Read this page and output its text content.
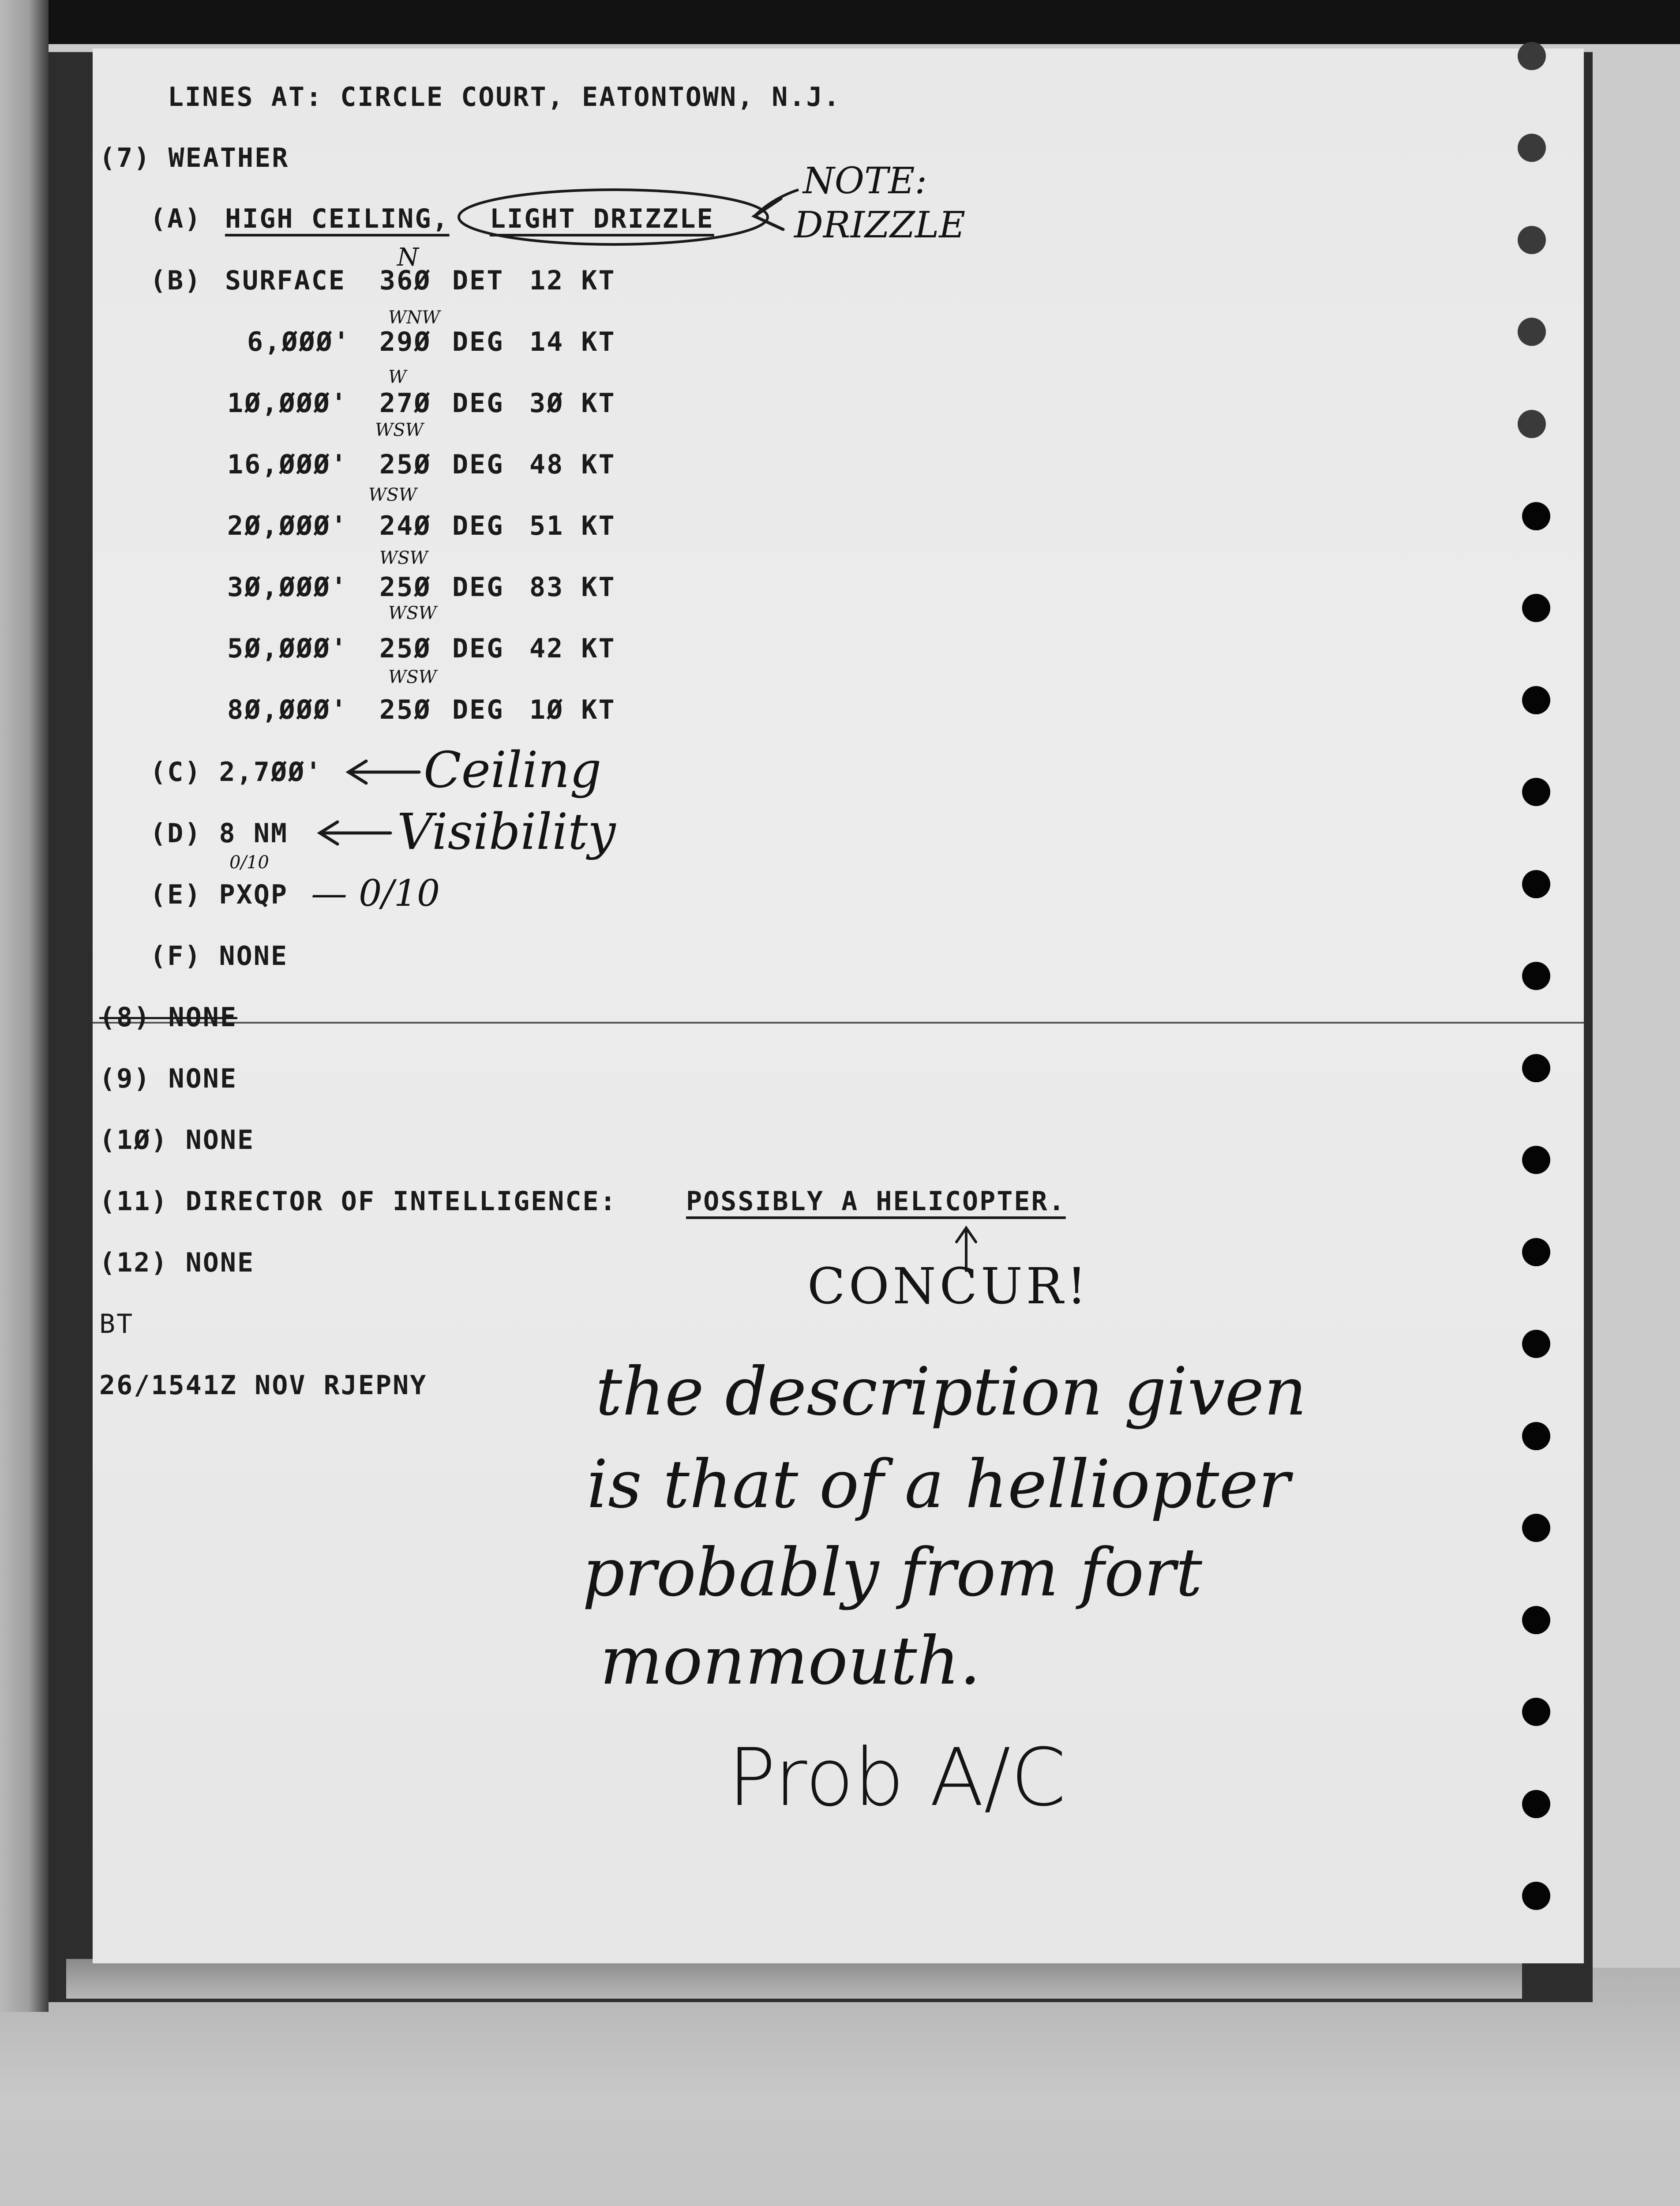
LINES AT: CIRCLE COURT, EATONTOWN, N.J.
(7) WEATHER
(A) HIGH CEILING, LIGHT DRIZZLE
NOTE:
DRIZZLE
(B) SURFACE 36Ø DET 12 KT
6,ØØØ' 29Ø DEG 14 KT
1Ø,ØØØ' 27Ø DEG 3Ø KT
16,ØØØ' 25Ø DEG 48 KT
2Ø,ØØØ' 24Ø DEG 51 KT
3Ø,ØØØ' 25Ø DEG 83 KT
5Ø,ØØØ' 25Ø DEG 42 KT
8Ø,ØØØ' 25Ø DEG 1Ø KT
N
WNW
W
WSW
WSW
WSW
WSW
WSW
(C) 2,7ØØ' Ceiling
(D) 8 NM Visibility
0/10
(E) PXQP — 0/10
(F) NONE
(8) NONE
(9) NONE
(1Ø) NONE
(11) DIRECTOR OF INTELLIGENCE:	POSSIBLY A HELICOPTER.
CONCUR!
(12) NONE
BT
26/1541Z NOV RJEPNY	the description given
is that of a helliopter
probably from fort
monmouth.
Prob A/C
